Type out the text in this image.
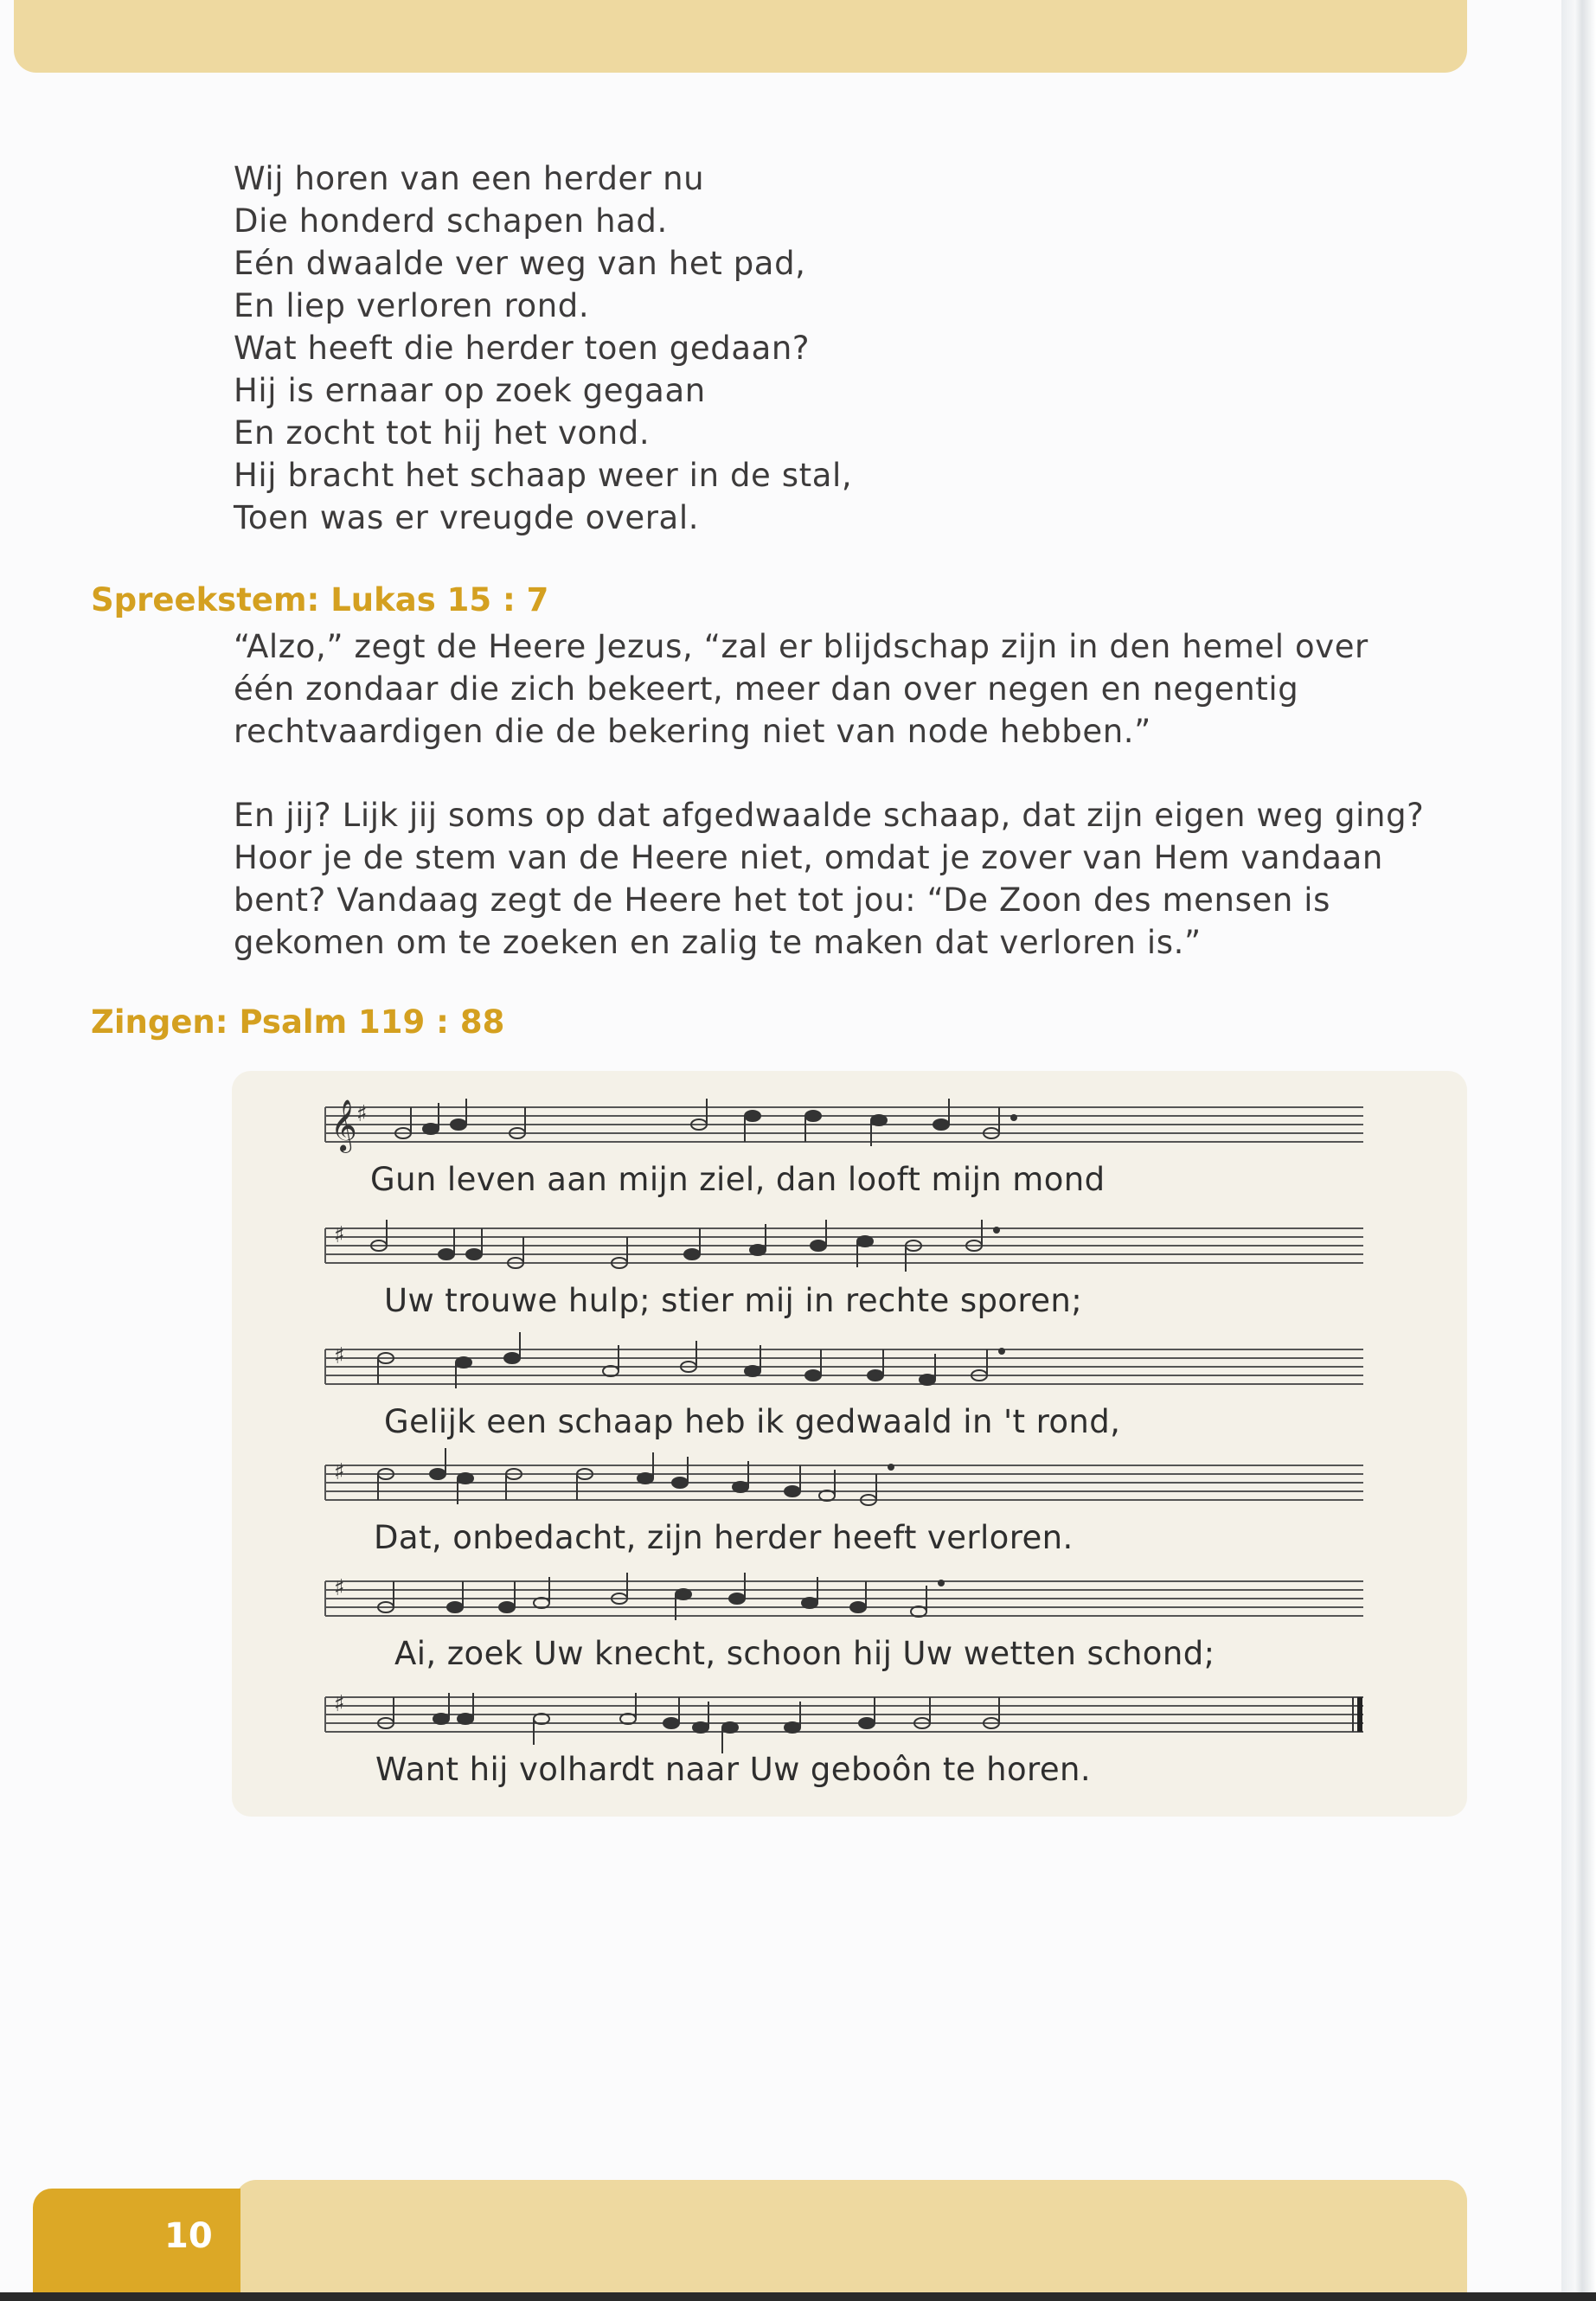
Wij horen van een herder nu
Die honderd schapen had.
Eén dwaalde ver weg van het pad,
En liep verloren rond.
Wat heeft die herder toen gedaan?
Hij is ernaar op zoek gegaan
En zocht tot hij het vond.
Hij bracht het schaap weer in de stal,
Toen was er vreugde overal.

Spreekstem: Lukas 15 : 7

“Alzo,” zegt de Heere Jezus, “zal er blijdschap zijn in den hemel over
één zondaar die zich bekeert, meer dan over negen en negentig
rechtvaardigen die de bekering niet van node hebben.”

En jij? Lijk jij soms op dat afgedwaalde schaap, dat zijn eigen weg ging?
Hoor je de stem van de Heere niet, omdat je zover van Hem vandaan
bent? Vandaag zegt de Heere het tot jou: “De Zoon des mensen is
gekomen om te zoeken en zalig te maken dat verloren is.”

Zingen: Psalm 119 : 88
𝄞 ♯
♯
♯
♯
♯
♯
Gun leven aan mijn ziel, dan looft mijn mond
Uw trouwe hulp; stier mij in rechte sporen;
Gelijk een schaap heb ik gedwaald in 't rond,
Dat, onbedacht, zijn herder heeft verloren.
Ai, zoek Uw knecht, schoon hij Uw wetten schond;
Want hij volhardt naar Uw geboôn te horen.
10
